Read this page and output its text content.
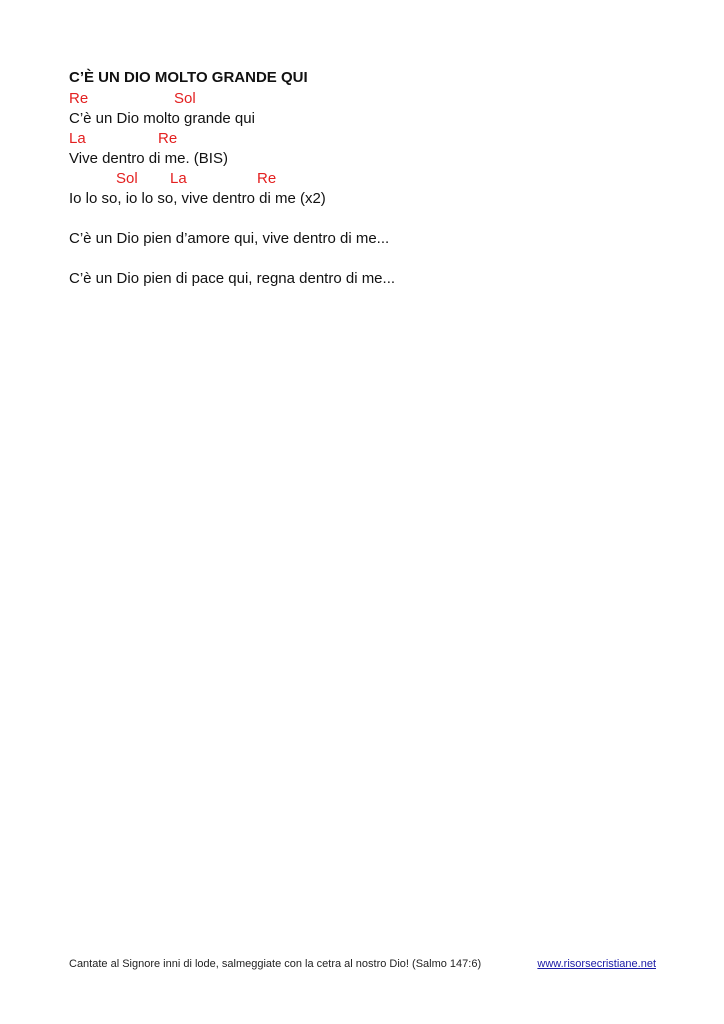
C’È UN DIO MOLTO GRANDE QUI
Re	Sol
C’è un Dio molto grande qui
La	Re
Vive dentro di me. (BIS)
Sol La	Re
Io lo so, io lo so, vive dentro di me (x2)
C’è un Dio pien d’amore qui, vive dentro di me...
C’è un Dio pien di pace qui, regna dentro di me...
Cantate al Signore inni di lode, salmeggiate con la cetra al nostro Dio! (Salmo 147:6)	www.risorsecristiane.net
